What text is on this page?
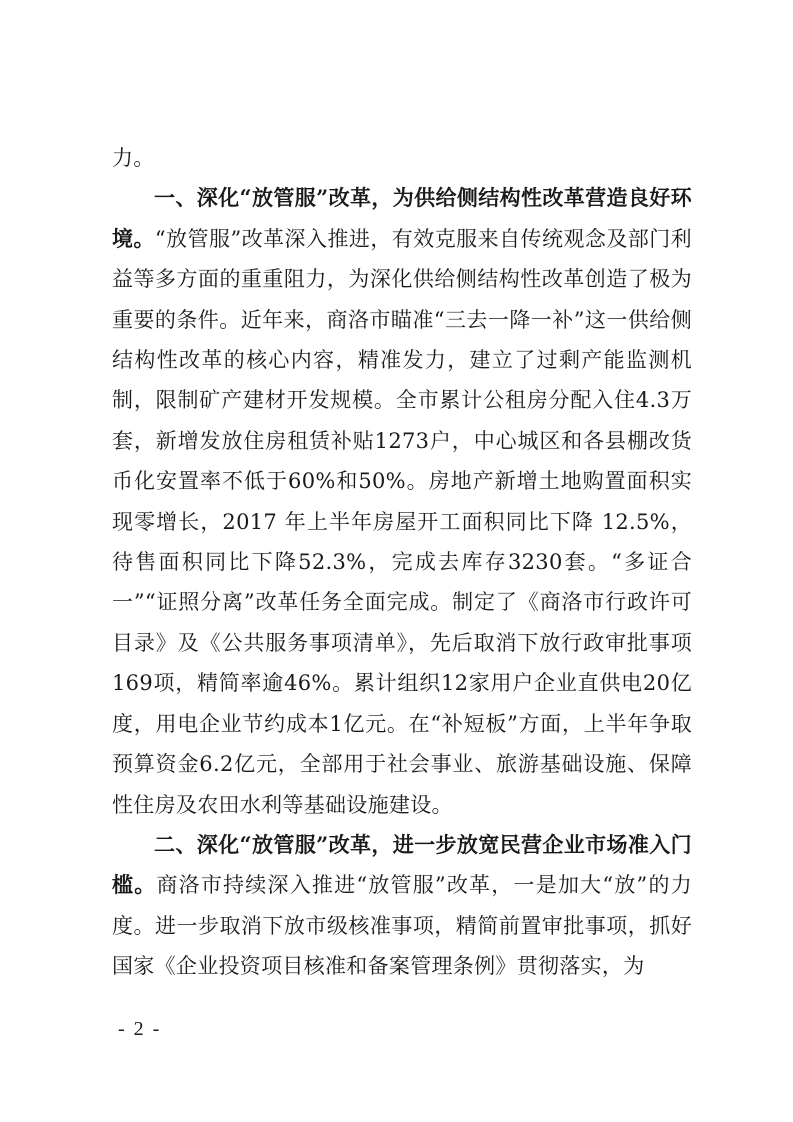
力。

一、深化“放管服”改革，为供给侧结构性改革营造良好环境。“放管服”改革深入推进，有效克服来自传统观念及部门利益等多方面的重重阻力，为深化供给侧结构性改革创造了极为重要的条件。近年来，商洛市瞄准“三去一降一补”这一供给侧结构性改革的核心内容，精准发力，建立了过剩产能监测机制，限制矿产建材开发规模。全市累计公租房分配入住4.3万套，新增发放住房租赁补贴1273户，中心城区和各县棚改货币化安置率不低于60%和50%。房地产新增土地购置面积实现零增长，2017 年上半年房屋开工面积同比下降 12.5%，待售面积同比下降52.3%，完成去库存3230套。“多证合一”“证照分离”改革任务全面完成。制定了《商洛市行政许可目录》及《公共服务事项清单》，先后取消下放行政审批事项169项，精简率逾46%。累计组织12家用户企业直供电20亿度，用电企业节约成本1亿元。在“补短板”方面，上半年争取预算资金6.2亿元，全部用于社会事业、旅游基础设施、保障性住房及农田水利等基础设施建设。

二、深化“放管服”改革，进一步放宽民营企业市场准入门槛。商洛市持续深入推进“放管服”改革，一是加大“放”的力度。进一步取消下放市级核准事项，精简前置审批事项，抓好国家《企业投资项目核准和备案管理条例》贯彻落实，为

- 2 -
